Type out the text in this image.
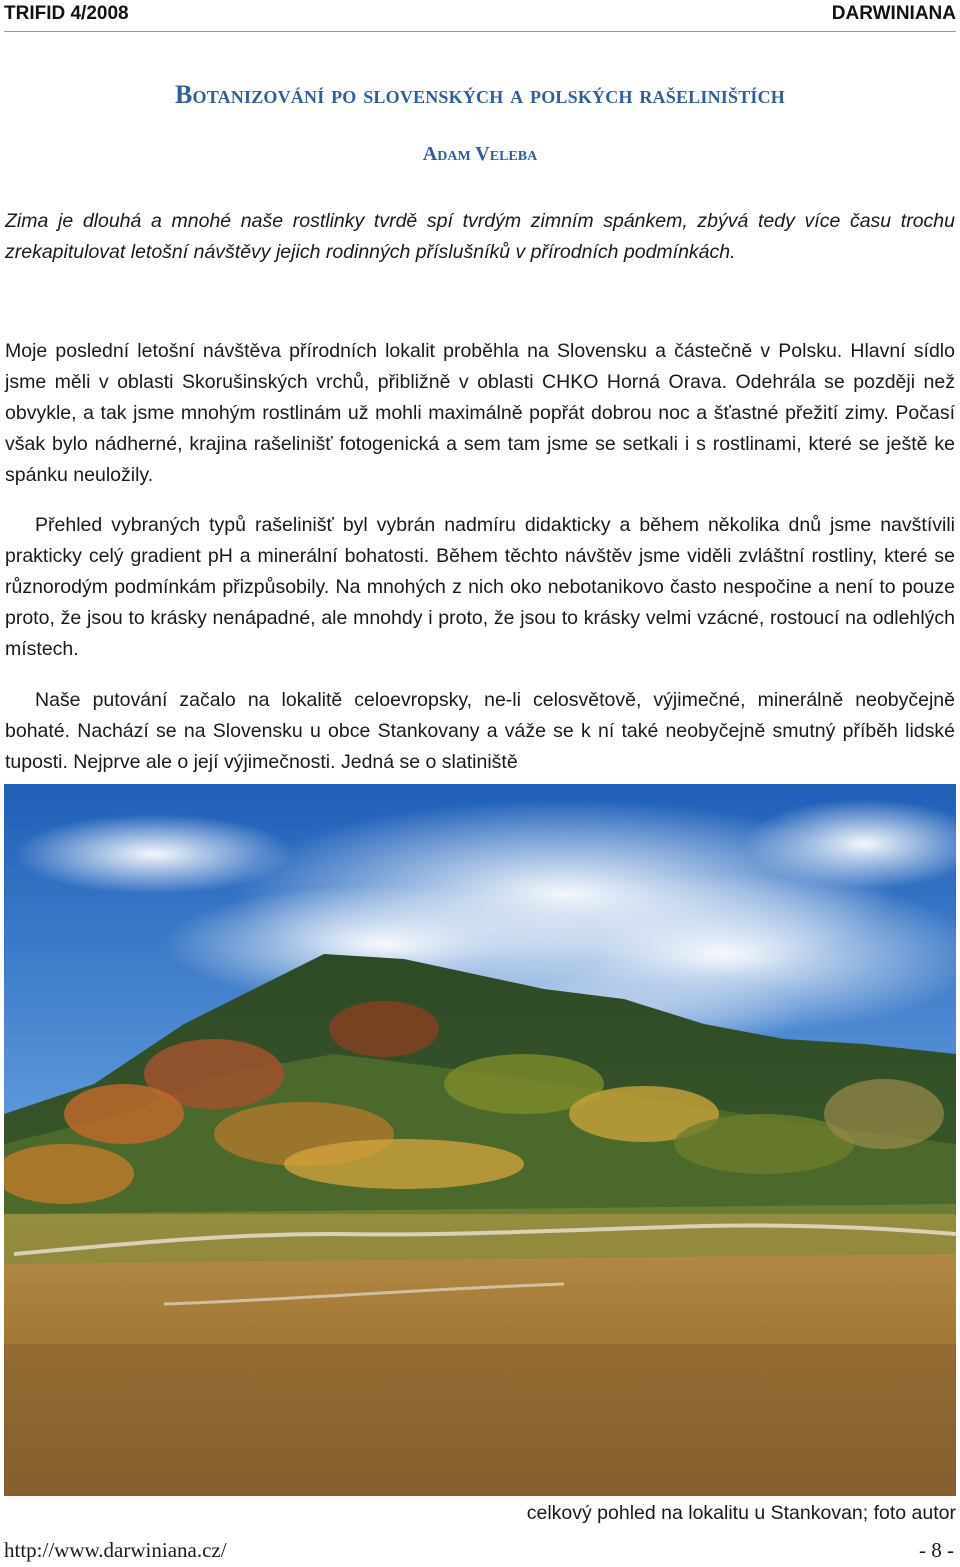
TRIFID 4/2008	DARWINIANA
Botanizování po slovenských a polských rašeliništích
Adam Veleba
Zima je dlouhá a mnohé naše rostlinky tvrdě spí tvrdým zimním spánkem, zbývá tedy více času trochu zrekapitulovat letošní návštěvy jejich rodinných příslušníků v přírodních podmínkách.
Moje poslední letošní návštěva přírodních lokalit proběhla na Slovensku a částečně v Polsku. Hlavní sídlo jsme měli v oblasti Skorušinských vrchů, přibližně v oblasti CHKO Horná Orava. Odehrála se později než obvykle, a tak jsme mnohým rostlinám už mohli maximálně popřát dobrou noc a šťastné přežití zimy. Počasí však bylo nádherné, krajina rašelinišť fotogenická a sem tam jsme se setkali i s rostlinami, které se ještě ke spánku neuložily.
Přehled vybraných typů rašelinišť byl vybrán nadmíru didakticky a během několika dnů jsme navštívili prakticky celý gradient pH a minerální bohatosti. Během těchto návštěv jsme viděli zvláštní rostliny, které se různorodým podmínkám přizpůsobily. Na mnohých z nich oko nebotanikovo často nespočine a není to pouze proto, že jsou to krásky nenápadné, ale mnohdy i proto, že jsou to krásky velmi vzácné, rostoucí na odlehlých místech.
Naše putování začalo na lokalitě celoevropsky, ne-li celosvětově, výjimečné, minerálně neobyčejně bohaté. Nachází se na Slovensku u obce Stankovany a váže se k ní také neobyčejně smutný příběh lidské tuposti. Nejprve ale o její výjimečnosti. Jedná se o slatiniště
celkový pohled na lokalitu u Stankovan; foto autor
http://www.darwiniana.cz/	- 8 -
